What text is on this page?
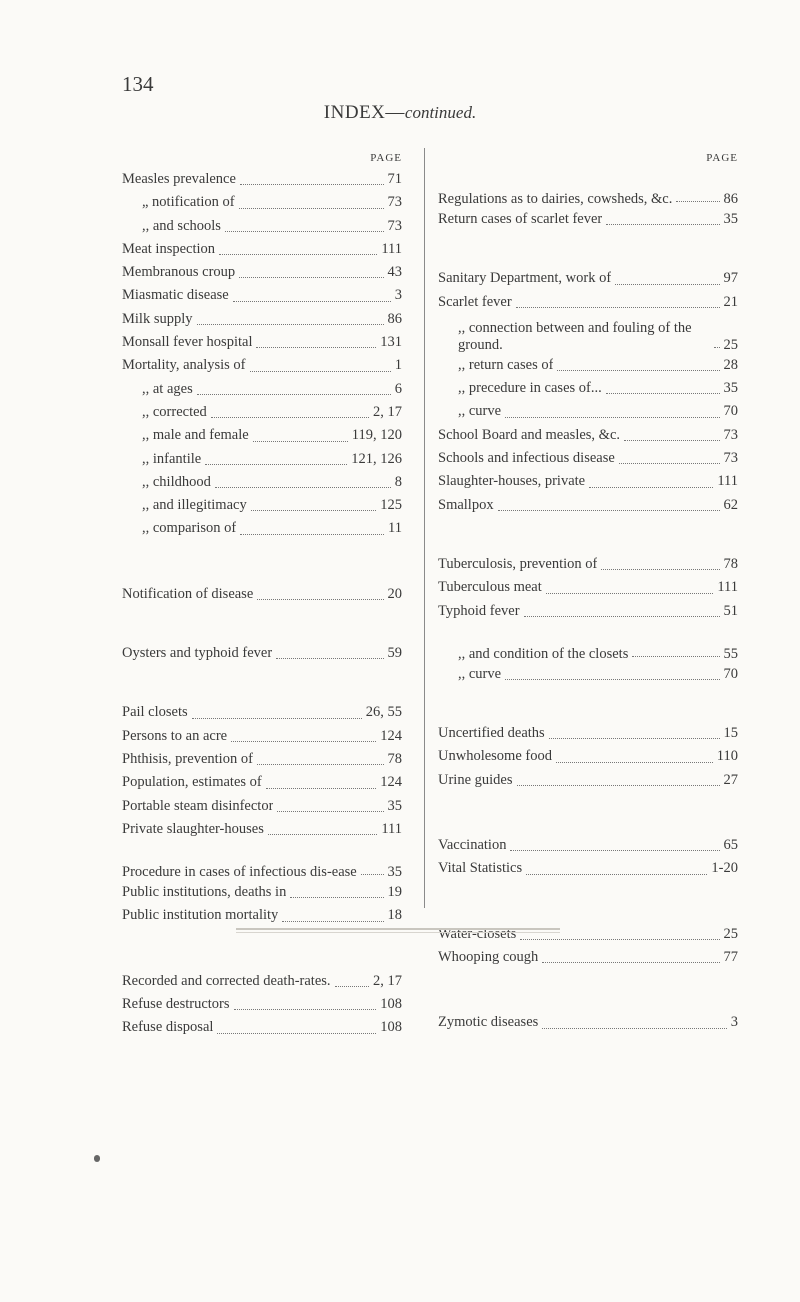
134
INDEX—continued.
PAGE
Measles prevalence	71
„ notification of	73
,, and schools	73
Meat inspection	111
Membranous croup	43
Miasmatic disease	3
Milk supply	86
Monsall fever hospital	131
Mortality, analysis of	1
,, at ages	6
,, corrected	2, 17
,, male and female	119, 120
,, infantile	121, 126
,, childhood	8
,, and illegitimacy	125
,, comparison of	11
Notification of disease	20
Oysters and typhoid fever	59
Pail closets	26, 55
Persons to an acre	124
Phthisis, prevention of	78
Population, estimates of	124
Portable steam disinfector	35
Private slaughter-houses	111
Procedure in cases of infectious dis-ease 35
Public institutions, deaths in	19
Public institution mortality	18
Recorded and corrected death-rates.	2, 17
Refuse destructors	108
Refuse disposal	108
PAGE
Regulations as to dairies, cowsheds, &c.	86
Return cases of scarlet fever	35
Sanitary Department, work of	97
Scarlet fever	21
,, connection between and fouling of the ground.	25
,, return cases of	28
,, precedure in cases of...	35
,, curve	70
School Board and measles, &c.	73
Schools and infectious disease	73
Slaughter-houses, private	111
Smallpox	62
Tuberculosis, prevention of	78
Tuberculous meat	111
Typhoid fever	51
,, and condition of the closets	55
,, curve	70
Uncertified deaths	15
Unwholesome food	110
Urine guides	27
Vaccination	65
Vital Statistics	1-20
Water-closets	25
Whooping cough	77
Zymotic diseases	3
